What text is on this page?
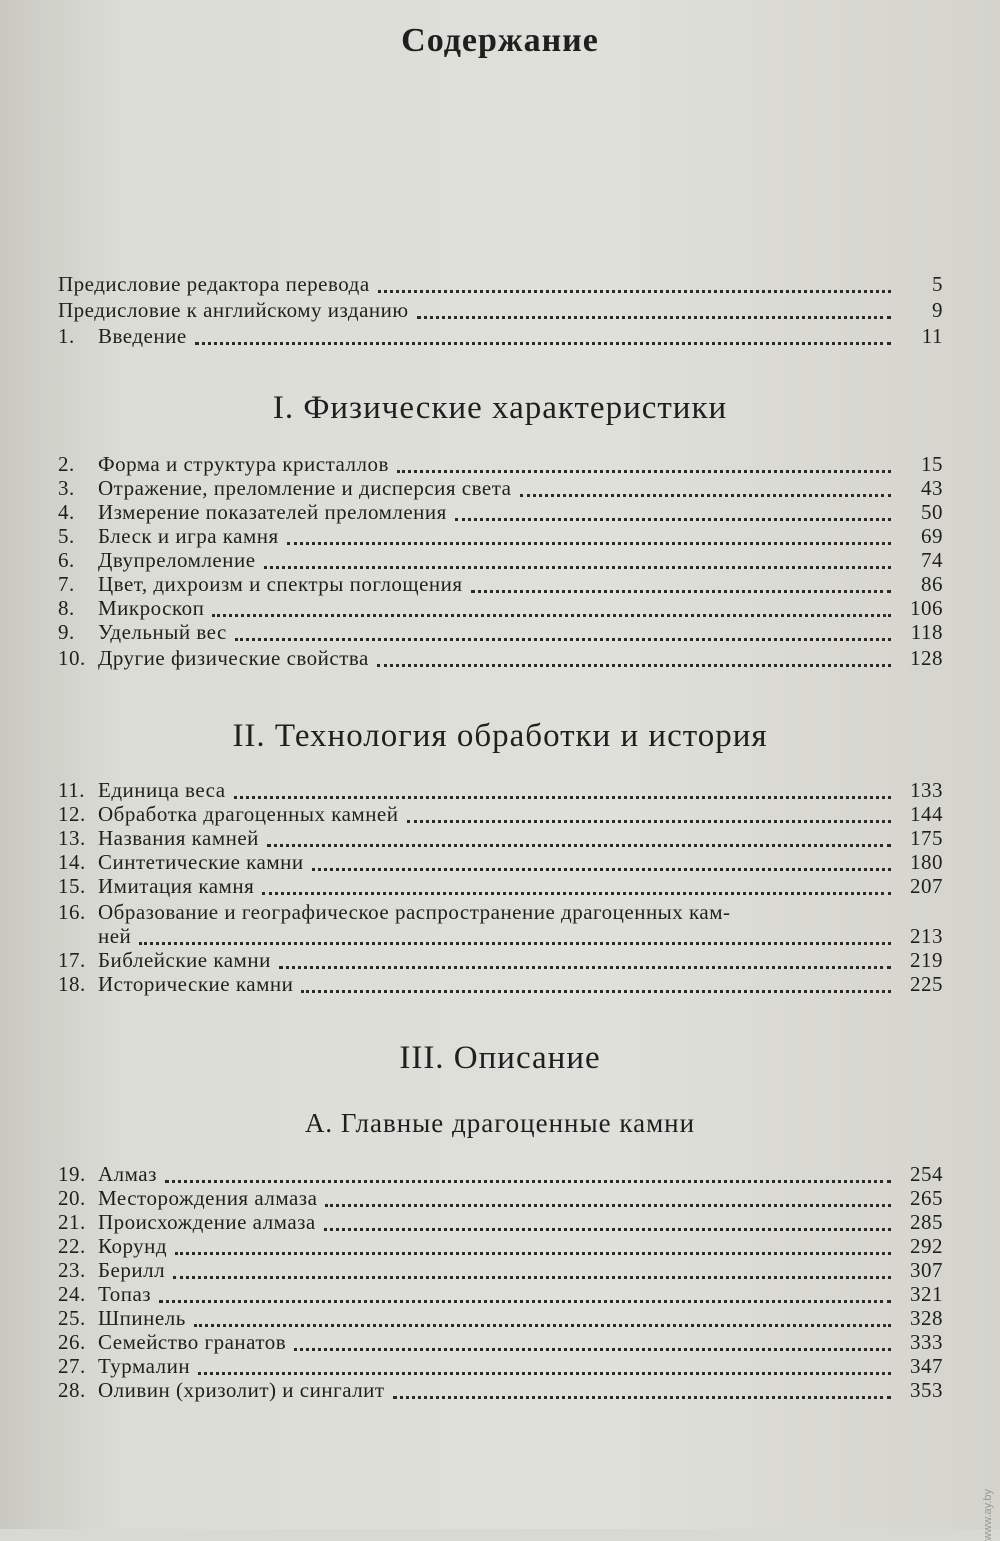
Содержание
Предисловие редактора перевода	5
Предисловие к английскому изданию	9
1.	Введение	11
I. Физические характеристики
2.	Форма и структура кристаллов	15
3.	Отражение, преломление и дисперсия света	43
4.	Измерение показателей преломления	50
5.	Блеск и игра камня	69
6.	Двупреломление	74
7.	Цвет, дихроизм и спектры поглощения	86
8.	Микроскоп	106
9.	Удельный вес	118
10. Другие физические свойства	128
II. Технология обработки и история
11. Единица веса	133
12. Обработка драгоценных камней	144
13. Названия камней	175
14. Синтетические камни	180
15. Имитация камня	207
16. Образование и географическое распространение драгоценных кам-
ней	213
17. Библейские камни	219
18. Исторические камни	225
III. Описание
А. Главные драгоценные камни
19. Алмаз	254
20. Месторождения алмаза	265
21. Происхождение алмаза	285
22. Корунд	292
23. Берилл	307
24. Топаз	321
25. Шпинель	328
26. Семейство гранатов	333
27. Турмалин	347
28. Оливин (хризолит) и сингалит	353
www.ay.by
